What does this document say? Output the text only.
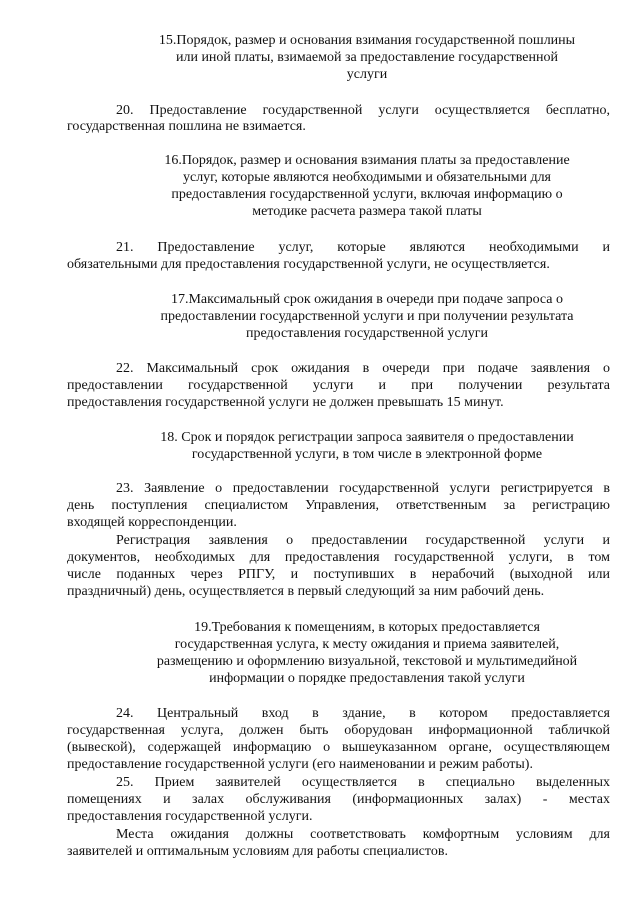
15.Порядок, размер и основания взимания государственной пошлины
или иной платы, взимаемой за предоставление государственной
услуги
20. Предоставление государственной услуги осуществляется бесплатно,
государственная пошлина не взимается.
16.Порядок, размер и основания взимания платы за предоставление
услуг, которые являются необходимыми и обязательными для
предоставления государственной услуги, включая информацию о
методике расчета размера такой платы
21. Предоставление услуг, которые являются необходимыми и
обязательными для предоставления государственной услуги, не осуществляется.
17.Максимальный срок ожидания в очереди при подаче запроса о
предоставлении государственной услуги и при получении результата
предоставления государственной услуги
22. Максимальный срок ожидания в очереди при подаче заявления о
предоставлении государственной услуги и при получении результата
предоставления государственной услуги не должен превышать 15 минут.
18. Срок и порядок регистрации запроса заявителя о предоставлении
государственной услуги, в том числе в электронной форме
23. Заявление о предоставлении государственной услуги регистрируется в
день поступления специалистом Управления, ответственным за регистрацию
входящей корреспонденции.
Регистрация заявления о предоставлении государственной услуги и
документов, необходимых для предоставления государственной услуги, в том
числе поданных через РПГУ, и поступивших в нерабочий (выходной или
праздничный) день, осуществляется в первый следующий за ним рабочий день.
19.Требования к помещениям, в которых предоставляется
государственная услуга, к месту ожидания и приема заявителей,
размещению и оформлению визуальной, текстовой и мультимедийной
информации о порядке предоставления такой услуги
24. Центральный вход в здание, в котором предоставляется
государственная услуга, должен быть оборудован информационной табличкой
(вывеской), содержащей информацию о вышеуказанном органе, осуществляющем
предоставление государственной услуги (его наименовании и режим работы).
25. Прием заявителей осуществляется в специально выделенных
помещениях и залах обслуживания (информационных залах) - местах
предоставления государственной услуги.
Места ожидания должны соответствовать комфортным условиям для
заявителей и оптимальным условиям для работы специалистов.
